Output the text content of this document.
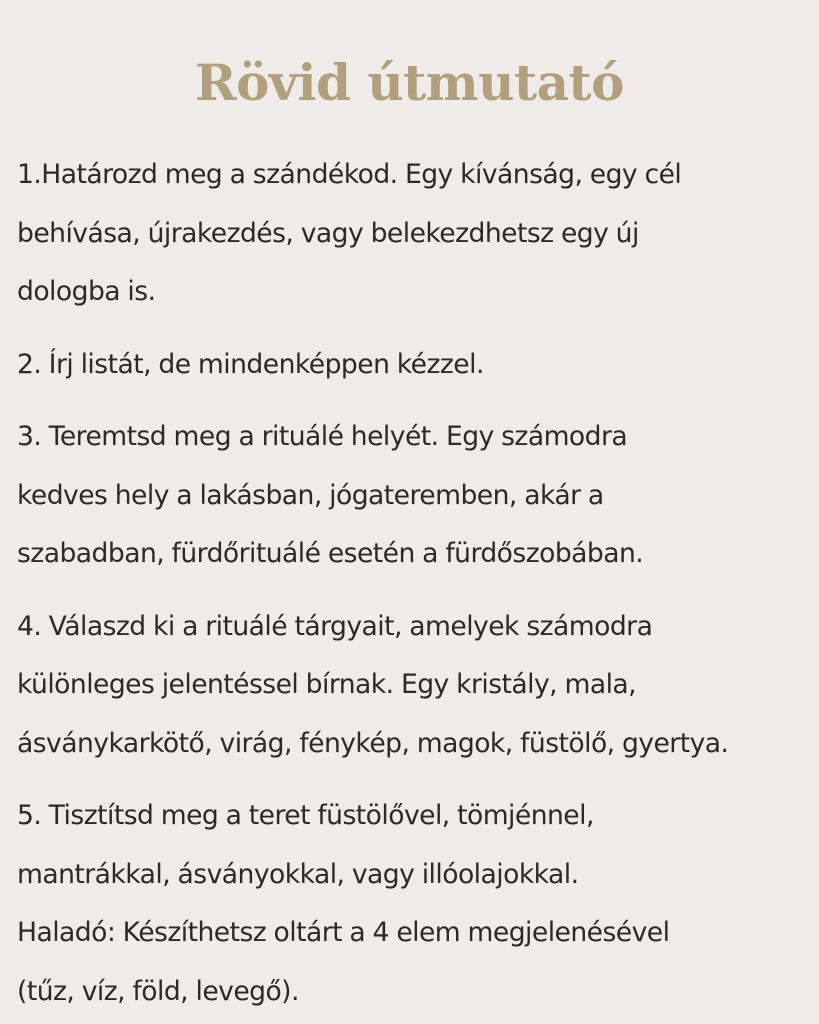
Rövid útmutató
1.Határozd meg a szándékod. Egy kívánság, egy cél
behívása, újrakezdés, vagy belekezdhetsz egy új
dologba is.
2. Írj listát, de mindenképpen kézzel.
3. Teremtsd meg a rituálé helyét. Egy számodra
kedves hely a lakásban, jógateremben, akár a
szabadban, fürdőrituálé esetén a fürdőszobában.
4. Válaszd ki a rituálé tárgyait, amelyek számodra
különleges jelentéssel bírnak. Egy kristály, mala,
ásványkarkötő, virág, fénykép, magok, füstölő, gyertya.
5. Tisztítsd meg a teret füstölővel, tömjénnel,
mantrákkal, ásványokkal, vagy illóolajokkal.
Haladó: Készíthetsz oltárt a 4 elem megjelenésével
(tűz, víz, föld, levegő).
